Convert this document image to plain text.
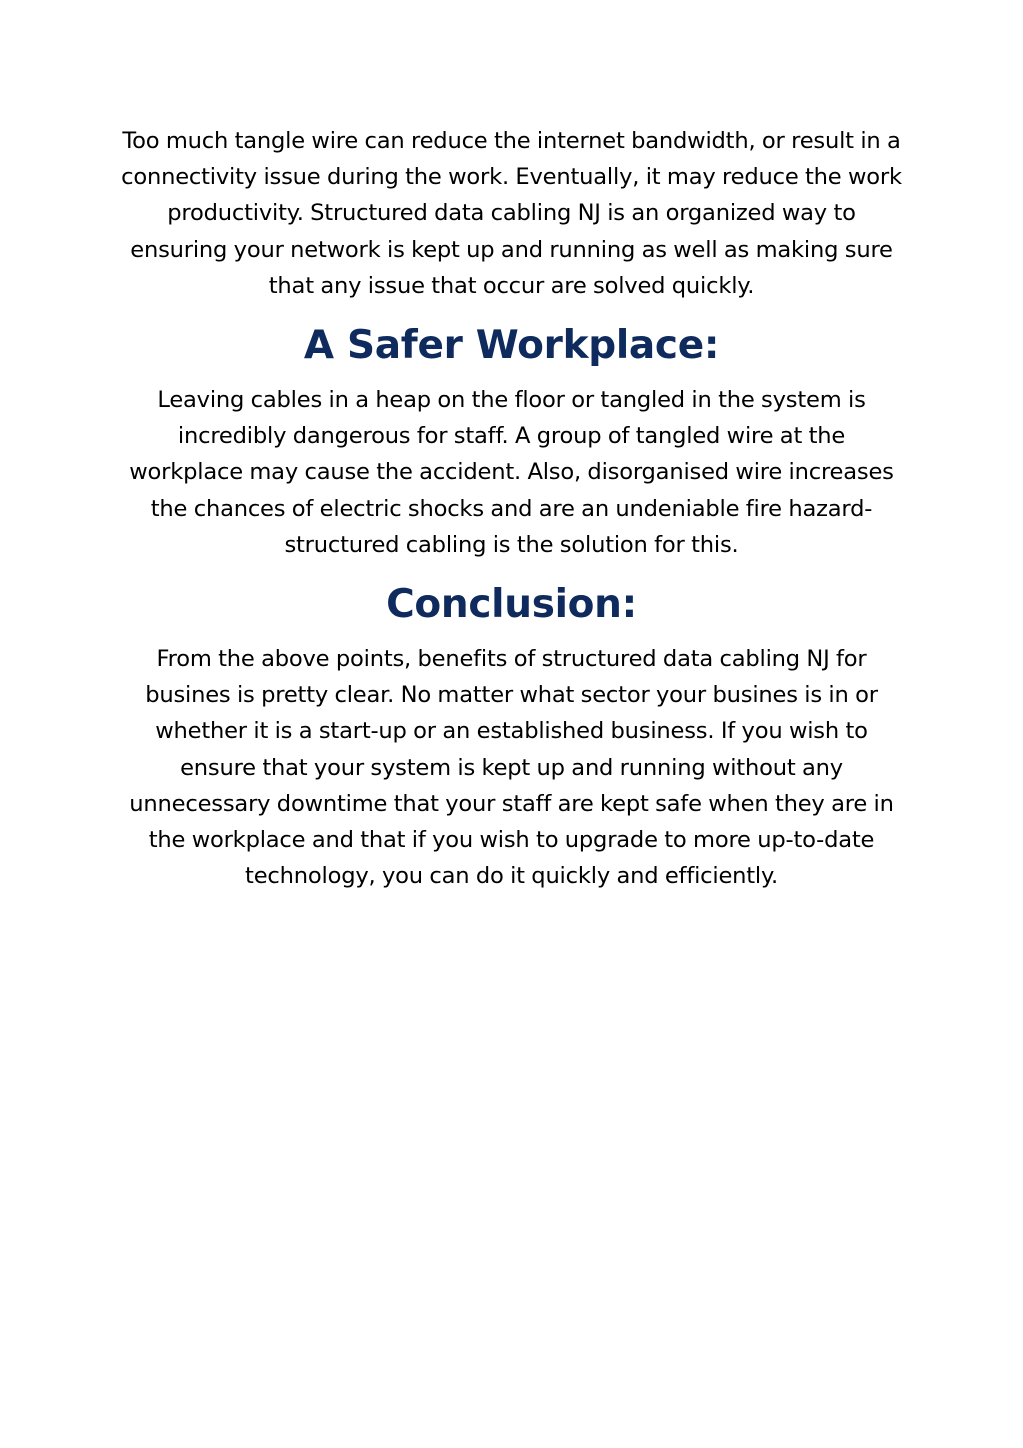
Too much tangle wire can reduce the internet bandwidth, or result in a connectivity issue during the work. Eventually, it may reduce the work productivity. Structured data cabling NJ is an organized way to ensuring your network is kept up and running as well as making sure that any issue that occur are solved quickly.

A Safer Workplace:

Leaving cables in a heap on the floor or tangled in the system is incredibly dangerous for staff. A group of tangled wire at the workplace may cause the accident. Also, disorganised wire increases the chances of electric shocks and are an undeniable fire hazard- structured cabling is the solution for this.

Conclusion:

From the above points, benefits of structured data cabling NJ for busines is pretty clear. No matter what sector your busines is in or whether it is a start-up or an established business. If you wish to ensure that your system is kept up and running without any unnecessary downtime that your staff are kept safe when they are in the workplace and that if you wish to upgrade to more up-to-date technology, you can do it quickly and efficiently.
